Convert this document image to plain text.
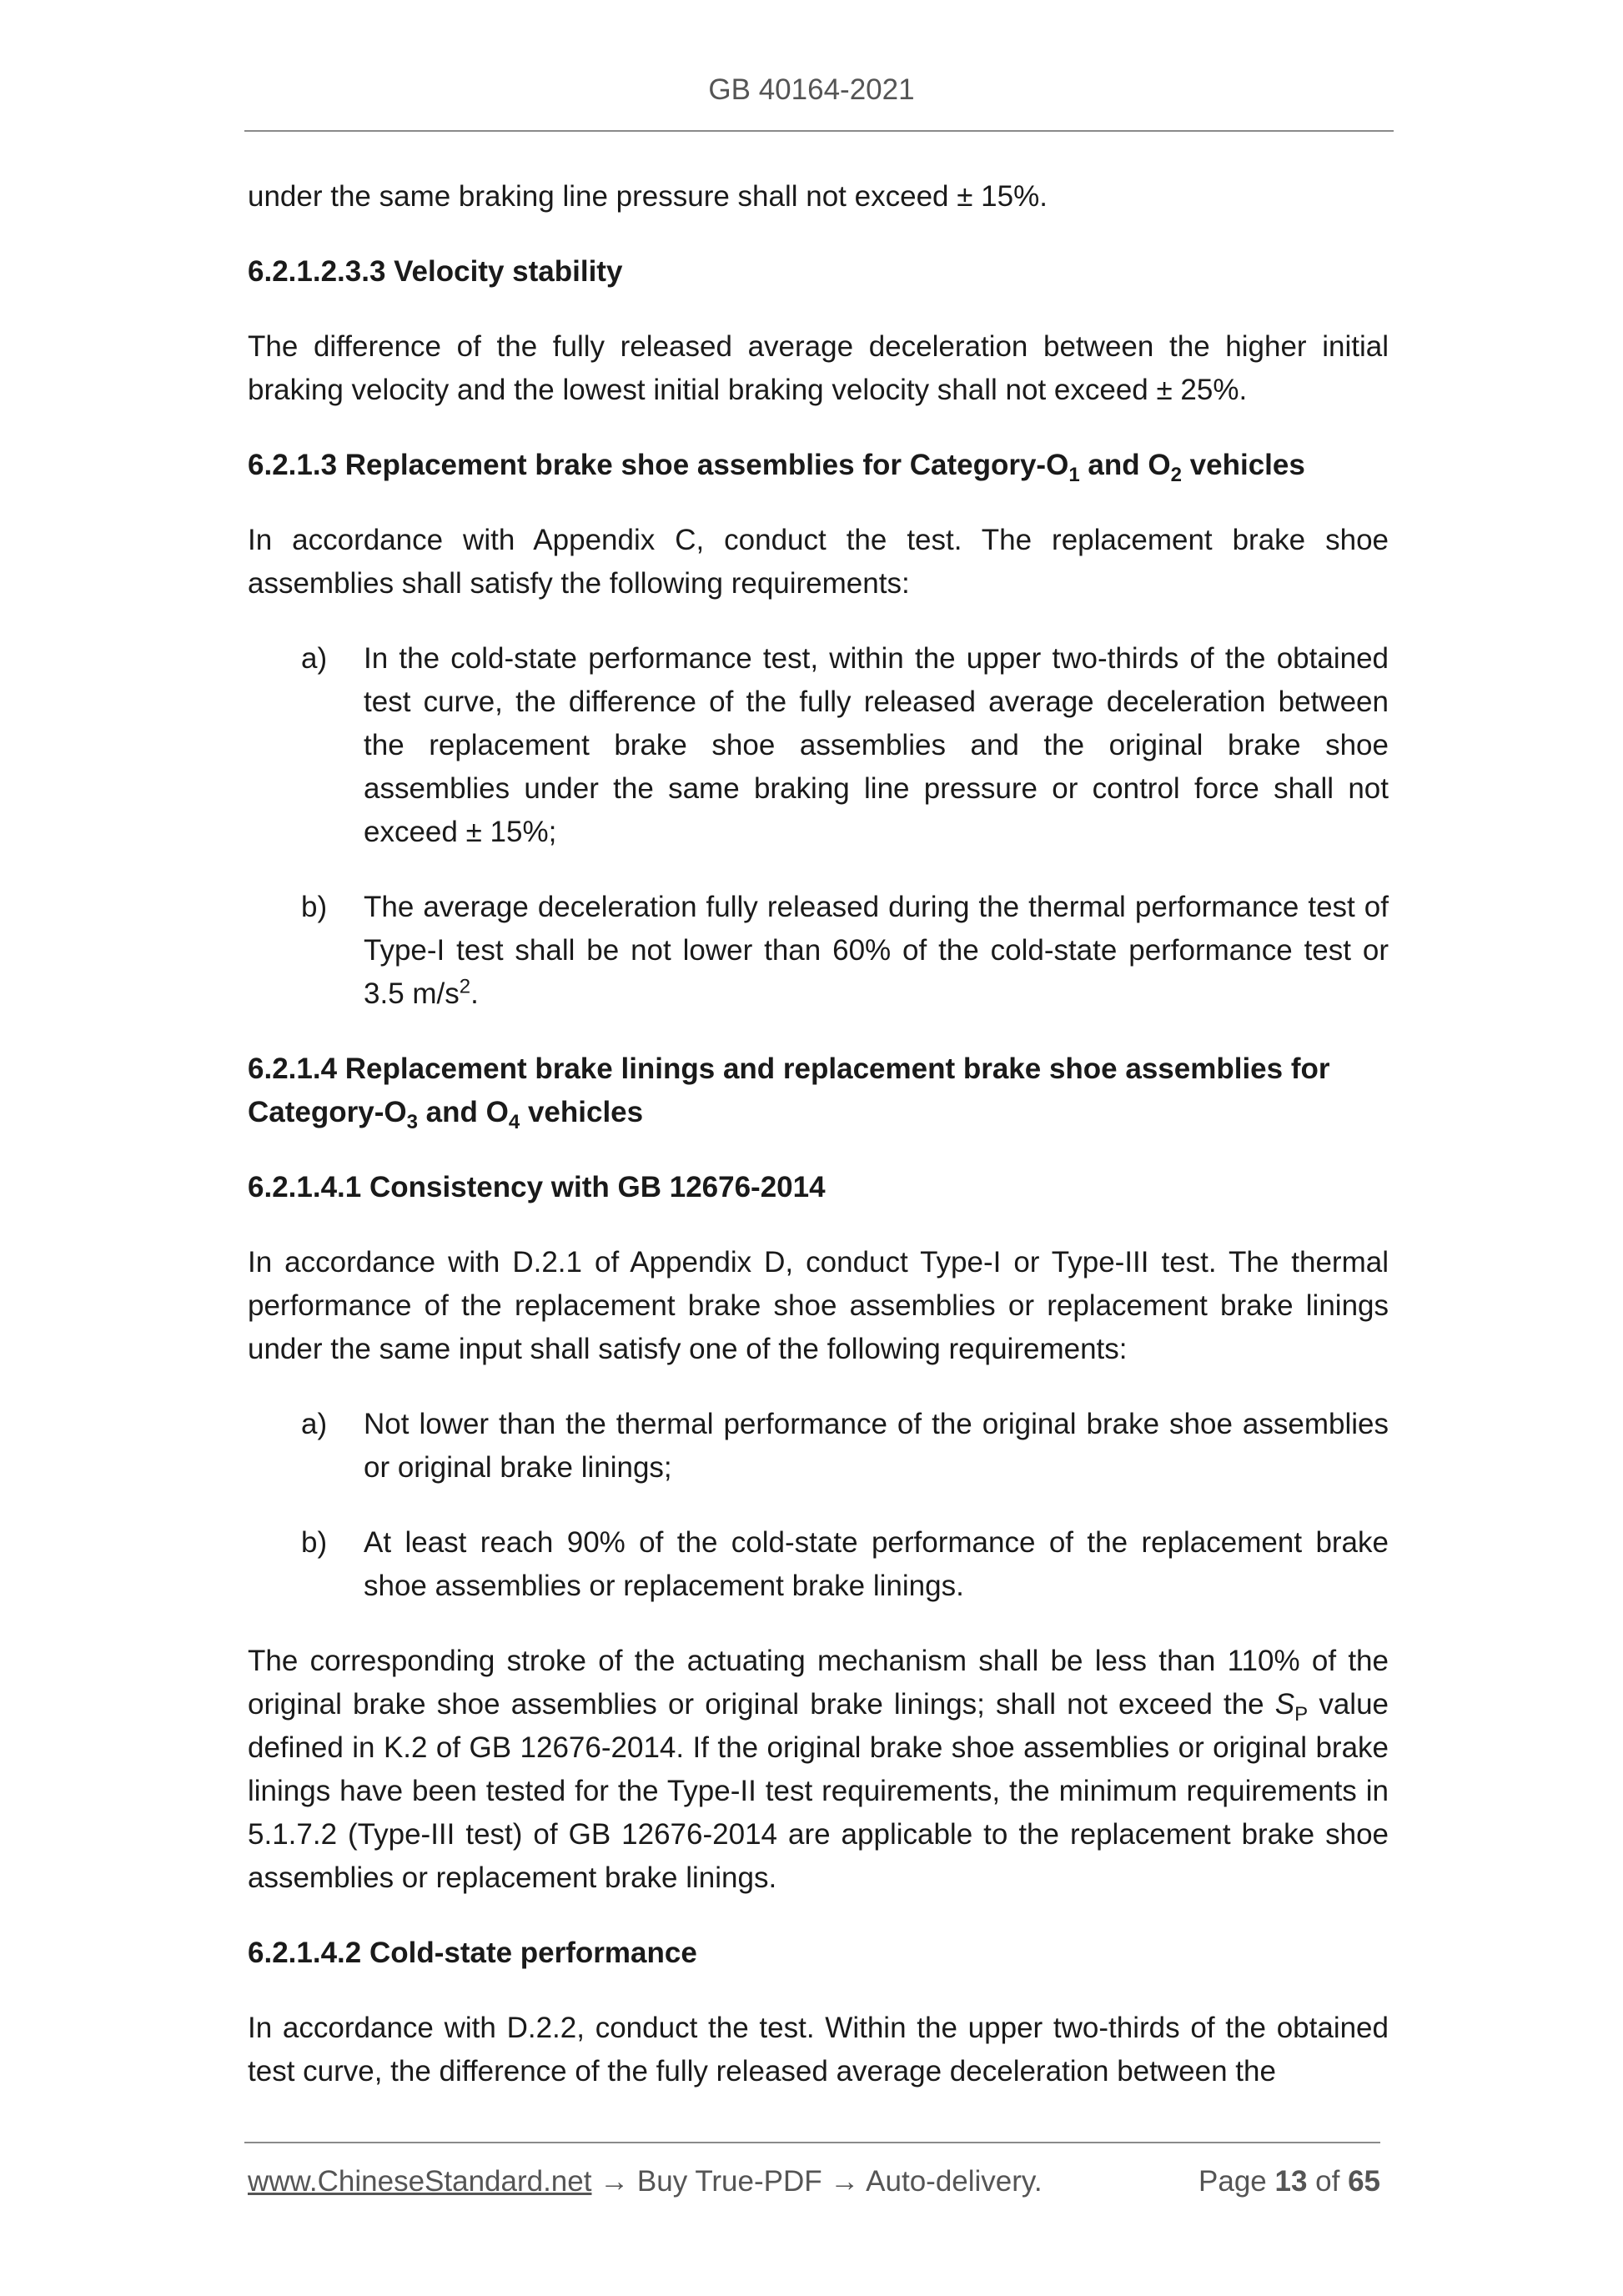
GB 40164-2021

under the same braking line pressure shall not exceed ± 15%.

6.2.1.2.3.3 Velocity stability

The difference of the fully released average deceleration between the higher initial braking velocity and the lowest initial braking velocity shall not exceed ± 25%.

6.2.1.3 Replacement brake shoe assemblies for Category-$O_1$ and $O_2$ vehicles

In accordance with Appendix C, conduct the test. The replacement brake shoe assemblies shall satisfy the following requirements:

a)	In the cold-state performance test, within the upper two-thirds of the obtained test curve, the difference of the fully released average deceleration between the replacement brake shoe assemblies and the original brake shoe assemblies under the same braking line pressure or control force shall not exceed ± 15%;
b)	The average deceleration fully released during the thermal performance test of Type-I test shall be not lower than 60% of the cold-state performance test or 3.5 $m/s^2$.
6.2.1.4 Replacement brake linings and replacement brake shoe assemblies for Category-$O_3$ and $O_4$ vehicles
6.2.1.4.1 Consistency with GB 12676-2014

In accordance with D.2.1 of Appendix D, conduct Type-I or Type-III test. The thermal performance of the replacement brake shoe assemblies or replacement brake linings under the same input shall satisfy one of the following requirements:

a)	Not lower than the thermal performance of the original brake shoe assemblies or original brake linings;
b)	At least reach 90% of the cold-state performance of the replacement brake shoe assemblies or replacement brake linings.

The corresponding stroke of the actuating mechanism shall be less than 110% of the original brake shoe assemblies or original brake linings; shall not exceed the $S_P$ value defined in K.2 of GB 12676-2014. If the original brake shoe assemblies or original brake linings have been tested for the Type-II test requirements, the minimum requirements in 5.1.7.2 (Type-III test) of GB 12676-2014 are applicable to the replacement brake shoe assemblies or replacement brake linings.

6.2.1.4.2 Cold-state performance

In accordance with D.2.2, conduct the test. Within the upper two-thirds of the obtained test curve, the difference of the fully released average deceleration between the

www.ChineseStandard.net → Buy True-PDF → Auto-delivery.	Page 13 of 65
